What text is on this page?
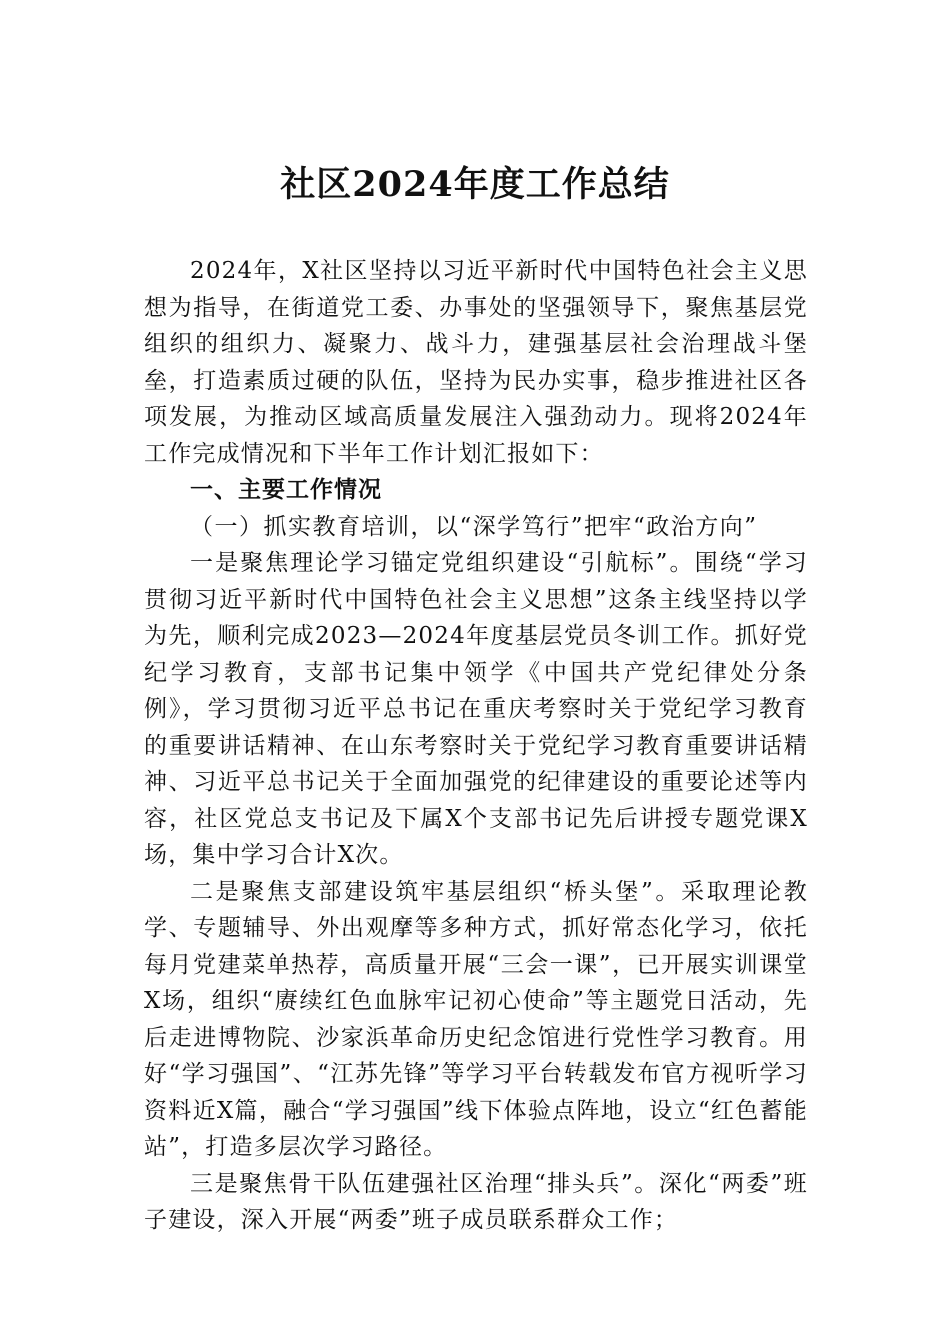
社区2024年度工作总结

2024年，X社区坚持以习近平新时代中国特色社会主义思想为指导，在街道党工委、办事处的坚强领导下，聚焦基层党组织的组织力、凝聚力、战斗力，建强基层社会治理战斗堡垒，打造素质过硬的队伍，坚持为民办实事，稳步推进社区各项发展，为推动区域高质量发展注入强劲动力。现将2024年工作完成情况和下半年工作计划汇报如下：

一、主要工作情况

（一）抓实教育培训，以“深学笃行”把牢“政治方向”

一是聚焦理论学习锚定党组织建设“引航标”。围绕“学习贯彻习近平新时代中国特色社会主义思想”这条主线坚持以学为先，顺利完成2023—2024年度基层党员冬训工作。抓好党纪学习教育，支部书记集中领学《中国共产党纪律处分条例》，学习贯彻习近平总书记在重庆考察时关于党纪学习教育的重要讲话精神、在山东考察时关于党纪学习教育重要讲话精神、习近平总书记关于全面加强党的纪律建设的重要论述等内容，社区党总支书记及下属X个支部书记先后讲授专题党课X场，集中学习合计X次。

二是聚焦支部建设筑牢基层组织“桥头堡”。采取理论教学、专题辅导、外出观摩等多种方式，抓好常态化学习，依托每月党建菜单热荐，高质量开展“三会一课”，已开展实训课堂X场，组织“赓续红色血脉牢记初心使命”等主题党日活动，先后走进博物院、沙家浜革命历史纪念馆进行党性学习教育。用好“学习强国”、“江苏先锋”等学习平台转载发布官方视听学习资料近X篇，融合“学习强国”线下体验点阵地，设立“红色蓄能站”，打造多层次学习路径。

三是聚焦骨干队伍建强社区治理“排头兵”。深化“两委”班子建设，深入开展“两委”班子成员联系群众工作；
